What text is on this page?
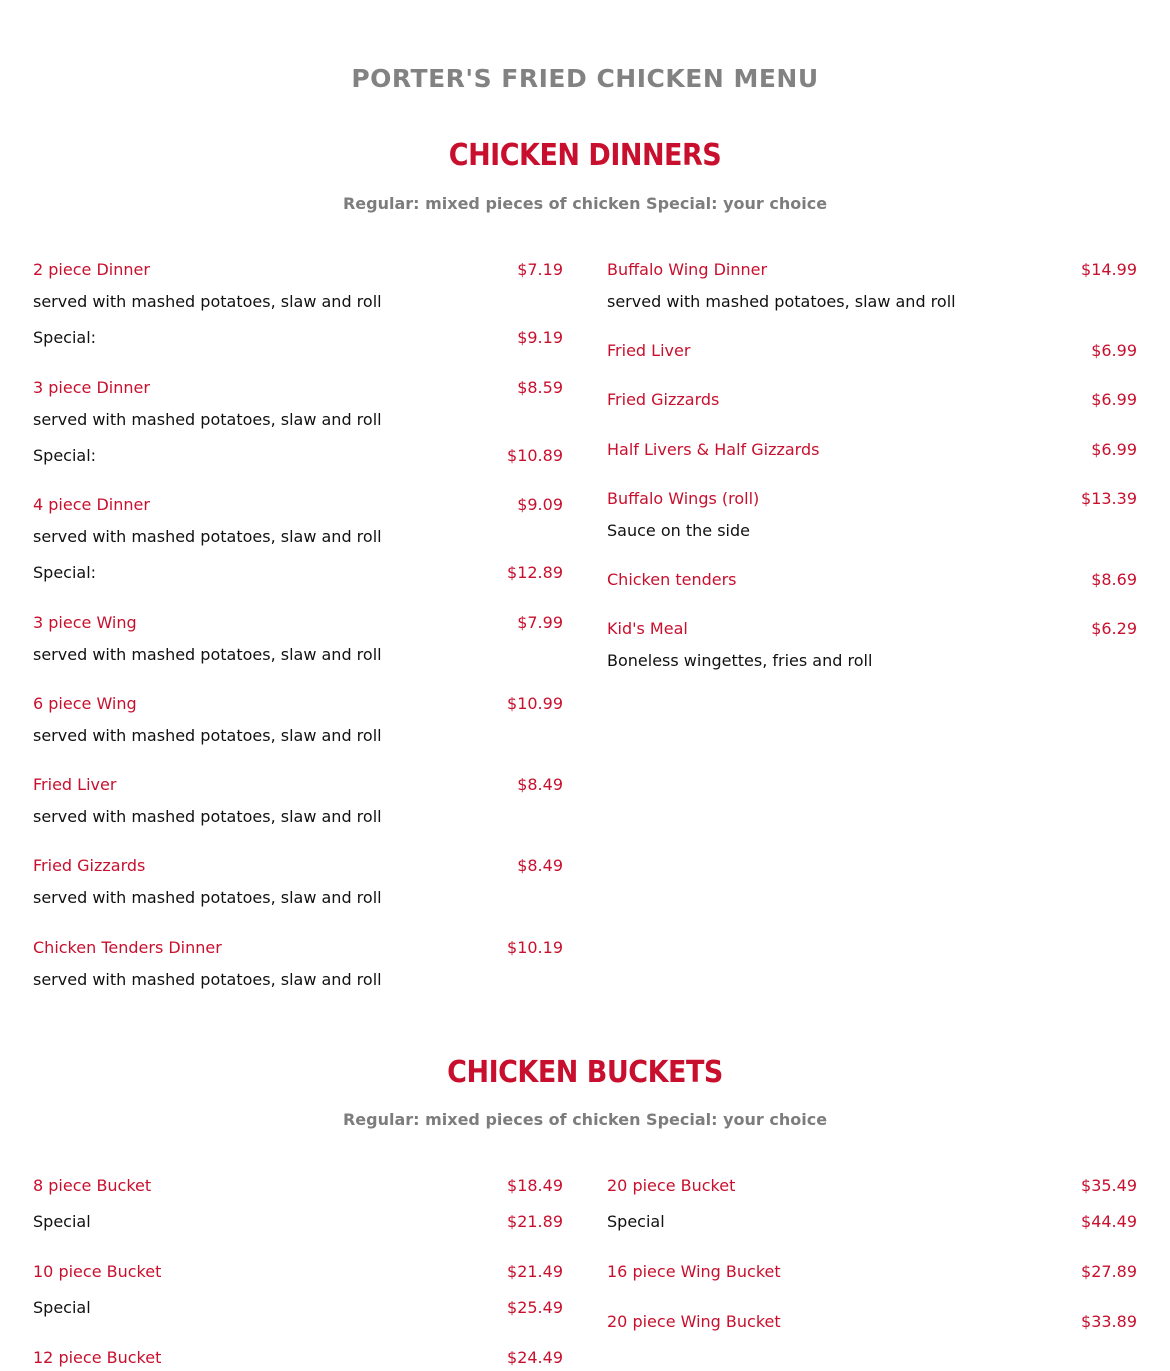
PORTER'S FRIED CHICKEN MENU
CHICKEN DINNERS

Regular: mixed pieces of chicken Special: your choice

2 piece Dinner	$7.19
served with mashed potatoes, slaw and roll
Special:	$9.19
3 piece Dinner	$8.59
served with mashed potatoes, slaw and roll
Special:	$10.89
4 piece Dinner	$9.09
served with mashed potatoes, slaw and roll
Special:	$12.89
3 piece Wing	$7.99
served with mashed potatoes, slaw and roll
6 piece Wing	$10.99
served with mashed potatoes, slaw and roll
Fried Liver	$8.49
served with mashed potatoes, slaw and roll
Fried Gizzards	$8.49
served with mashed potatoes, slaw and roll
Chicken Tenders Dinner	$10.19
served with mashed potatoes, slaw and roll
Buffalo Wing Dinner	$14.99
served with mashed potatoes, slaw and roll
Fried Liver	$6.99
Fried Gizzards	$6.99
Half Livers & Half Gizzards	$6.99
Buffalo Wings (roll)	$13.39
Sauce on the side
Chicken tenders	$8.69
Kid's Meal	$6.29
Boneless wingettes, fries and roll
CHICKEN BUCKETS

Regular: mixed pieces of chicken Special: your choice

8 piece Bucket	$18.49
Special	$21.89
10 piece Bucket	$21.49
Special	$25.49
12 piece Bucket	$24.49
20 piece Bucket	$35.49
Special	$44.49
16 piece Wing Bucket	$27.89
20 piece Wing Bucket	$33.89
